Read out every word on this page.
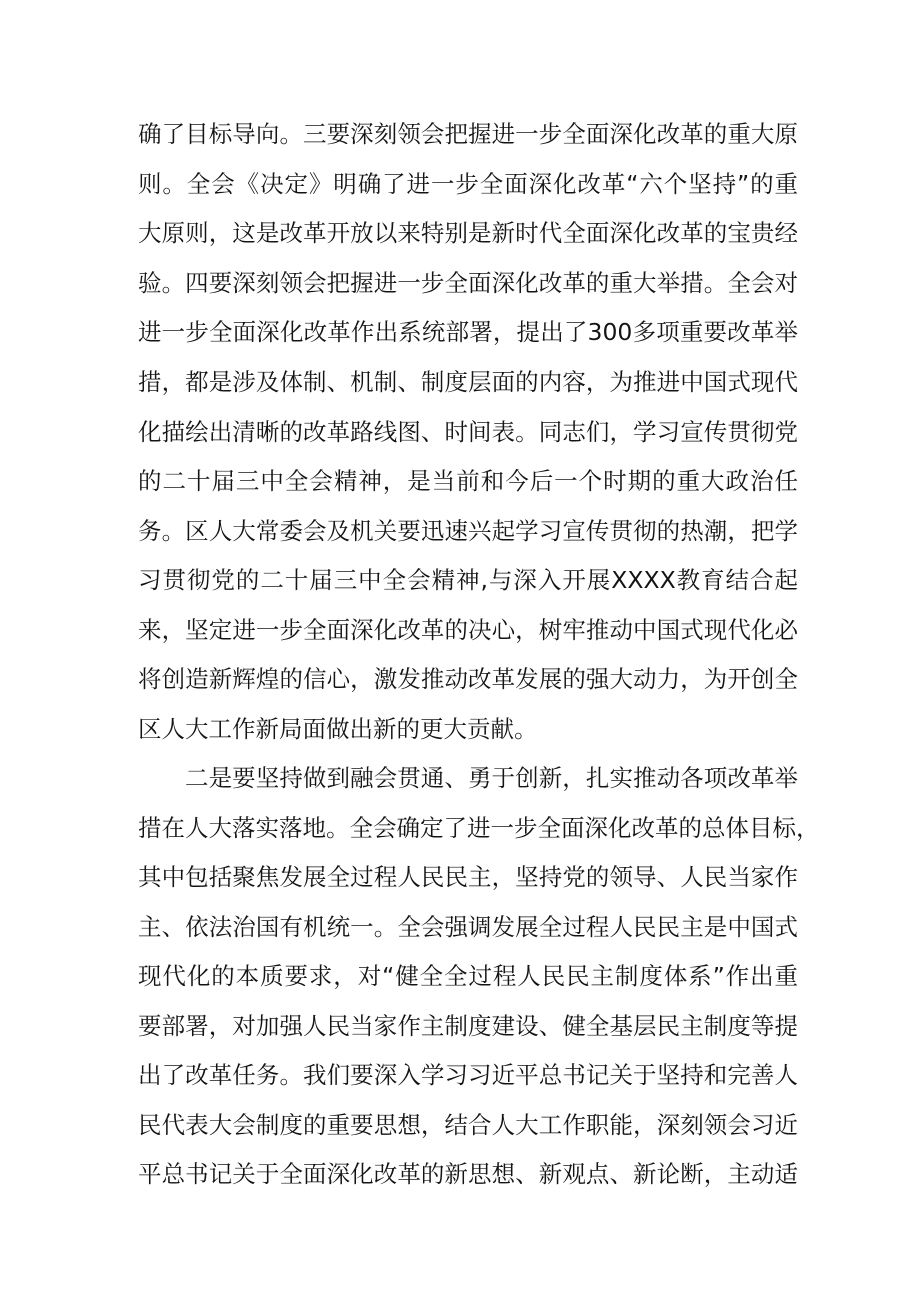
确了目标导向。三要深刻领会把握进一步全面深化改革的重大原
则。全会《决定》明确了进一步全面深化改革“六个坚持”的重
大原则，这是改革开放以来特别是新时代全面深化改革的宝贵经
验。四要深刻领会把握进一步全面深化改革的重大举措。全会对
进一步全面深化改革作出系统部署，提出了300多项重要改革举
措，都是涉及体制、机制、制度层面的内容，为推进中国式现代
化描绘出清晰的改革路线图、时间表。同志们，学习宣传贯彻党
的二十届三中全会精神，是当前和今后一个时期的重大政治任
务。区人大常委会及机关要迅速兴起学习宣传贯彻的热潮，把学
习贯彻党的二十届三中全会精神,与深入开展XXXX教育结合起
来，坚定进一步全面深化改革的决心，树牢推动中国式现代化必
将创造新辉煌的信心，激发推动改革发展的强大动力，为开创全
区人大工作新局面做出新的更大贡献。
二是要坚持做到融会贯通、勇于创新，扎实推动各项改革举
措在人大落实落地。全会确定了进一步全面深化改革的总体目标，
其中包括聚焦发展全过程人民民主，坚持党的领导、人民当家作
主、依法治国有机统一。全会强调发展全过程人民民主是中国式
现代化的本质要求，对“健全全过程人民民主制度体系”作出重
要部署，对加强人民当家作主制度建设、健全基层民主制度等提
出了改革任务。我们要深入学习习近平总书记关于坚持和完善人
民代表大会制度的重要思想，结合人大工作职能，深刻领会习近
平总书记关于全面深化改革的新思想、新观点、新论断，主动适
